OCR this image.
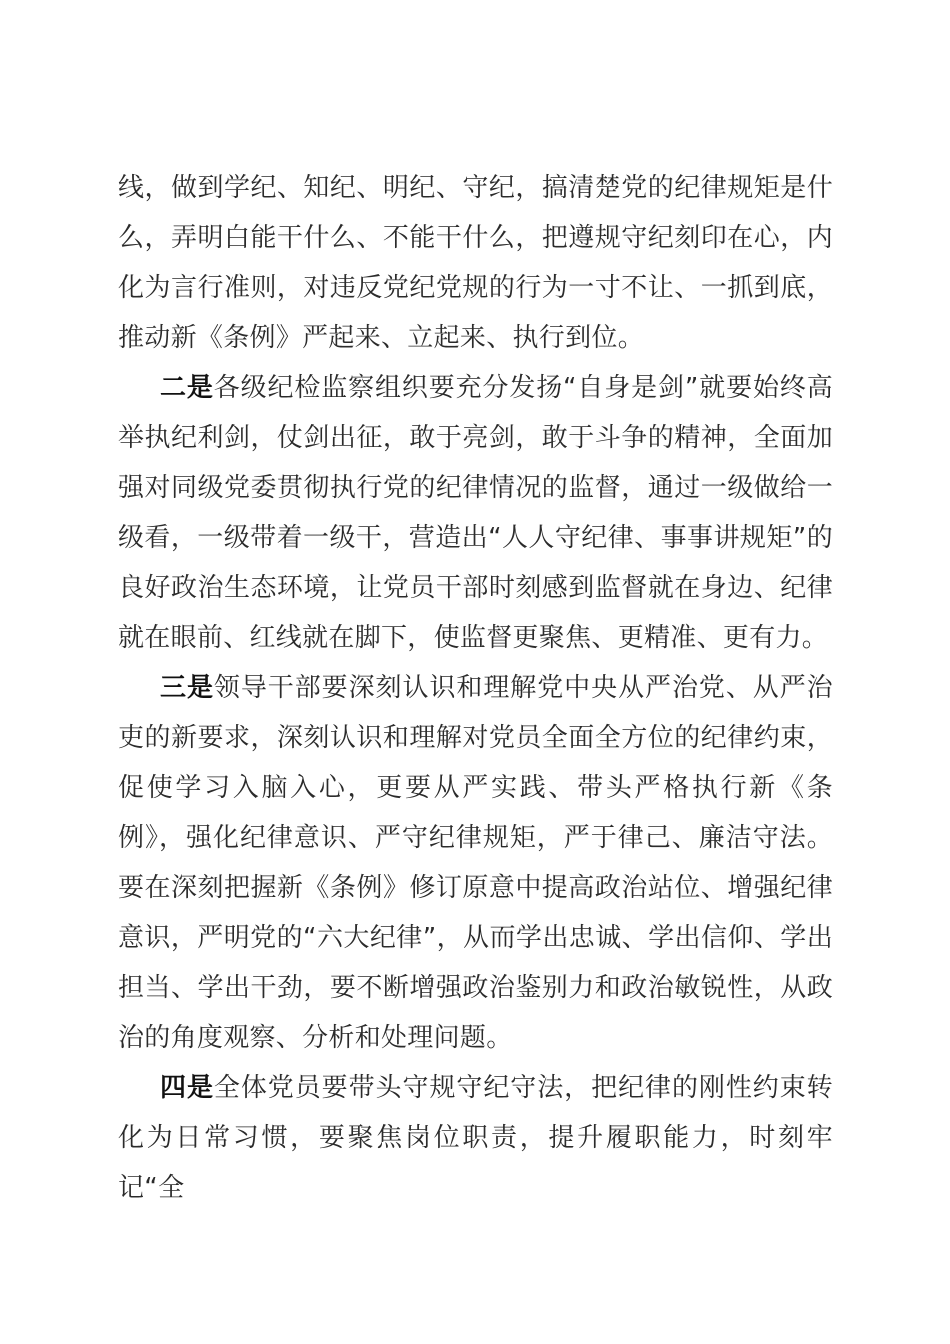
线，做到学纪、知纪、明纪、守纪，搞清楚党的纪律规矩是什么，弄明白能干什么、不能干什么，把遵规守纪刻印在心，内化为言行准则，对违反党纪党规的行为一寸不让、一抓到底，推动新《条例》严起来、立起来、执行到位。

二是各级纪检监察组织要充分发扬“自身是剑”就要始终高举执纪利剑，仗剑出征，敢于亮剑，敢于斗争的精神，全面加强对同级党委贯彻执行党的纪律情况的监督，通过一级做给一级看，一级带着一级干，营造出“人人守纪律、事事讲规矩”的良好政治生态环境，让党员干部时刻感到监督就在身边、纪律就在眼前、红线就在脚下，使监督更聚焦、更精准、更有力。

三是领导干部要深刻认识和理解党中央从严治党、从严治吏的新要求，深刻认识和理解对党员全面全方位的纪律约束，促使学习入脑入心，更要从严实践、带头严格执行新《条例》，强化纪律意识、严守纪律规矩，严于律己、廉洁守法。要在深刻把握新《条例》修订原意中提高政治站位、增强纪律意识，严明党的“六大纪律”，从而学出忠诚、学出信仰、学出担当、学出干劲，要不断增强政治鉴别力和政治敏锐性，从政治的角度观察、分析和处理问题。

四是全体党员要带头守规守纪守法，把纪律的刚性约束转化为日常习惯，要聚焦岗位职责，提升履职能力，时刻牢记“全
